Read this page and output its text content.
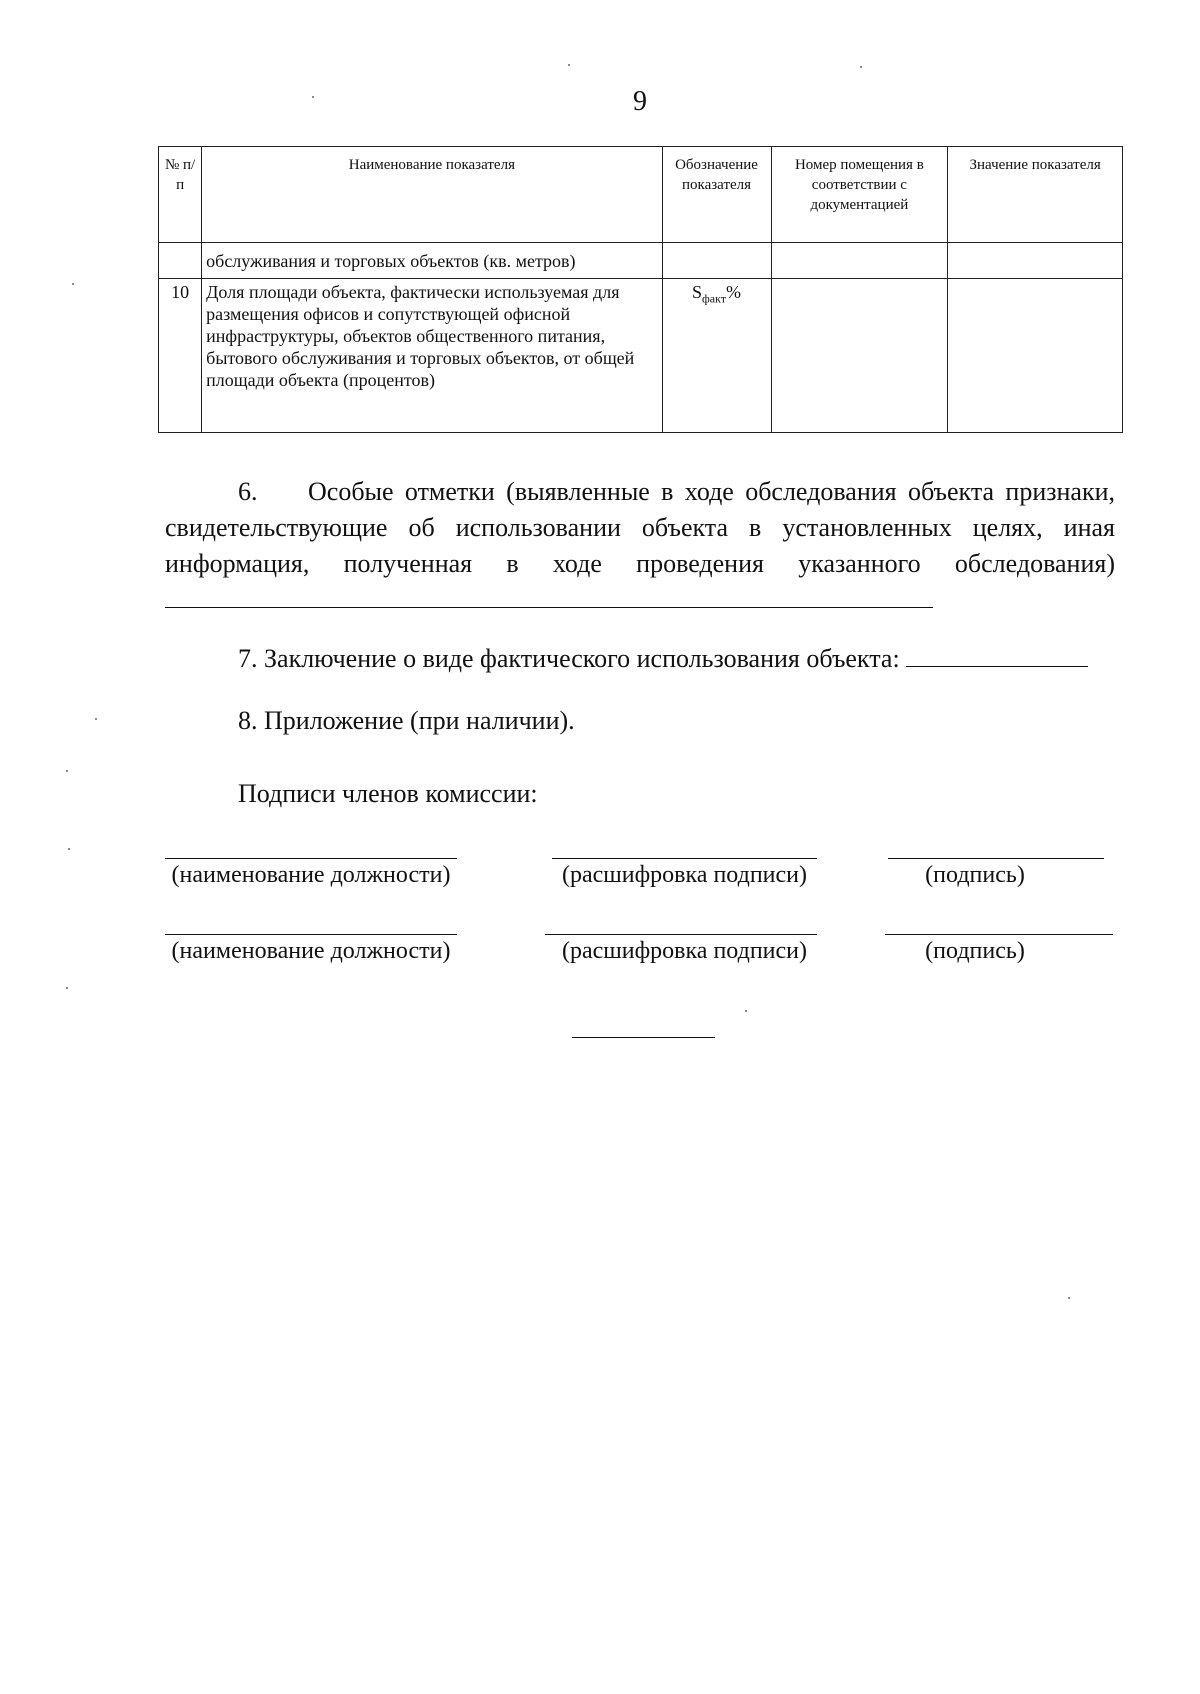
9
№ п/п	Наименование показателя	Обозначение показателя	Номер помещения в соответствии с документацией	Значение показателя
	обслуживания и торговых объектов (кв. метров)			
10	Доля площади объекта, фактически используемая для размещения офисов и сопутствующей офисной инфраструктуры, объектов общественного питания, бытового обслуживания и торговых объектов, от общей площади объекта (процентов)	$S_{факт}\%$		
6. Особые отметки (выявленные в ходе обследования объекта признаки, свидетельствующие об использовании объекта в установленных целях, иная информация, полученная в ходе проведения указанного обследования)
7. Заключение о виде фактического использования объекта:
8. Приложение (при наличии).
Подписи членов комиссии:
(наименование должности)	(расшифровка подписи)	(подпись)
(наименование должности)	(расшифровка подписи)	(подпись)
